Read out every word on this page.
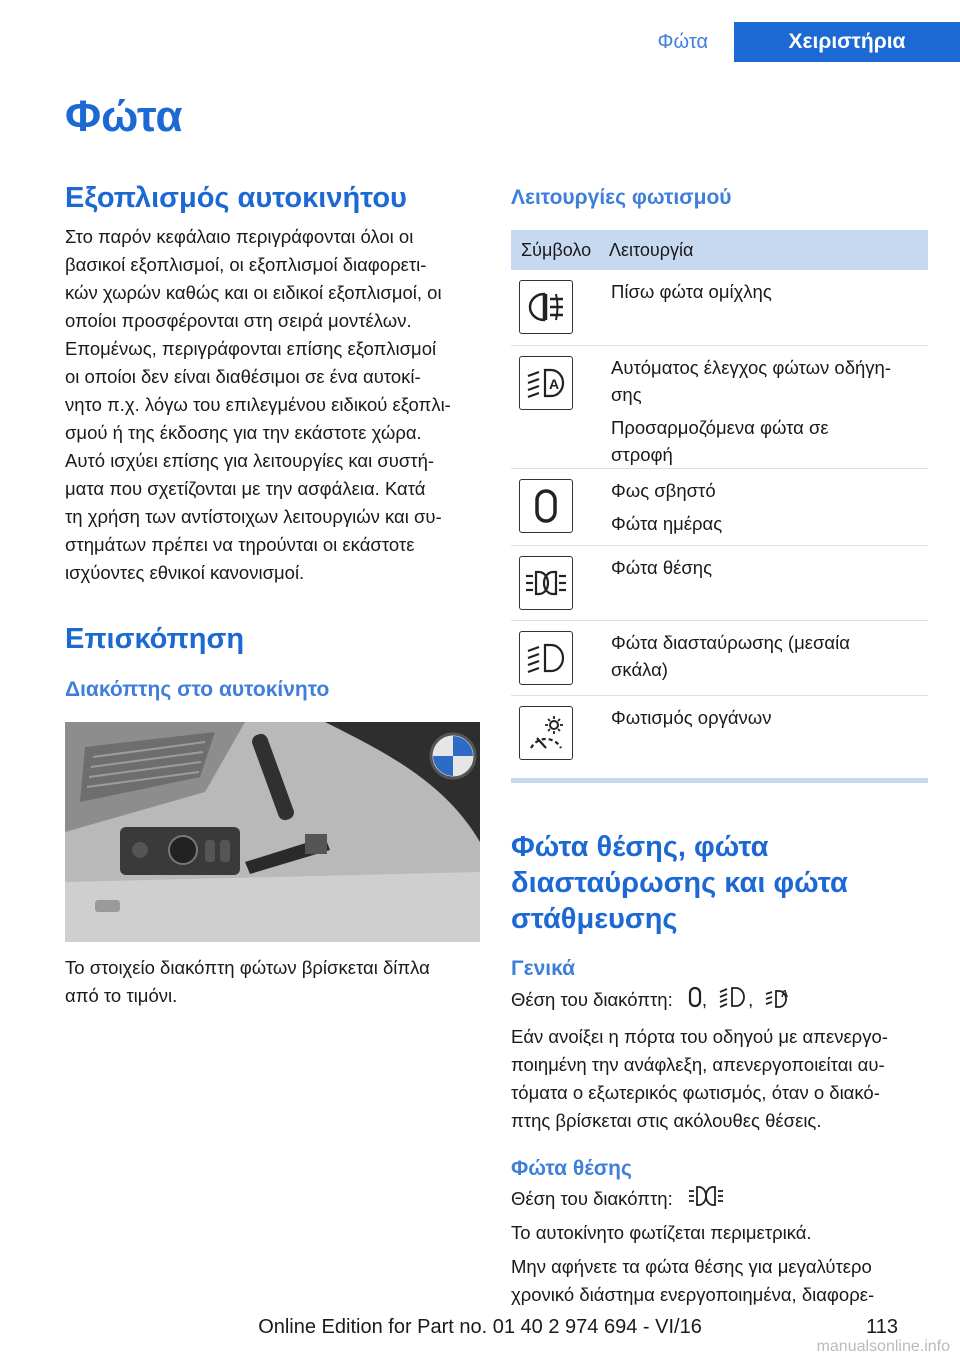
Φώτα	Χειριστήρια
Φώτα
Εξοπλισμός αυτοκινήτου

Στο παρόν κεφάλαιο περιγράφονται όλοι οι

βασικοί εξοπλισμοί, οι εξοπλισμοί διαφορετι-

κών χωρών καθώς και οι ειδικοί εξοπλισμοί, οι

οποίοι προσφέρονται στη σειρά μοντέλων.

Επομένως, περιγράφονται επίσης εξοπλισμοί

οι οποίοι δεν είναι διαθέσιμοι σε ένα αυτοκί-

νητο π.χ. λόγω του επιλεγμένου ειδικού εξοπλι-

σμού ή της έκδοσης για την εκάστοτε χώρα.

Αυτό ισχύει επίσης για λειτουργίες και συστή-

ματα που σχετίζονται με την ασφάλεια. Κατά

τη χρήση των αντίστοιχων λειτουργιών και συ-

στημάτων πρέπει να τηρούνται οι εκάστοτε

ισχύοντες εθνικοί κανονισμοί.

Επισκόπηση
Διακόπτης στο αυτοκίνητο

Το στοιχείο διακόπτη φώτων βρίσκεται δίπλα

από το τιμόνι.

Λειτουργίες φωτισμού
Σύμβολο Λειτουργία

Πίσω φώτα ομίχλης

A

Αυτόματος έλεγχος φώτων οδήγη-
σης

Προσαρμοζόμενα φώτα σε
στροφή

Φως σβηστό

Φώτα ημέρας

Φώτα θέσης

Φώτα διασταύρωσης (μεσαία
σκάλα)

Φωτισμός οργάνων

Φώτα θέσης, φώτα
διασταύρωσης και φώτα
στάθμευσης
Γενικά

Θέση του διακόπτη: , , A

Εάν ανοίξει η πόρτα του οδηγού με απενεργο-

ποιημένη την ανάφλεξη, απενεργοποιείται αυ-

τόματα ο εξωτερικός φωτισμός, όταν ο διακό-

πτης βρίσκεται στις ακόλουθες θέσεις.

Φώτα θέσης

Θέση του διακόπτη:

Το αυτοκίνητο φωτίζεται περιμετρικά.

Μην αφήνετε τα φώτα θέσης για μεγαλύτερο

χρονικό διάστημα ενεργοποιημένα, διαφορε-

113
Online Edition for Part no. 01 40 2 974 694 - VI/16
manualsonline.info
